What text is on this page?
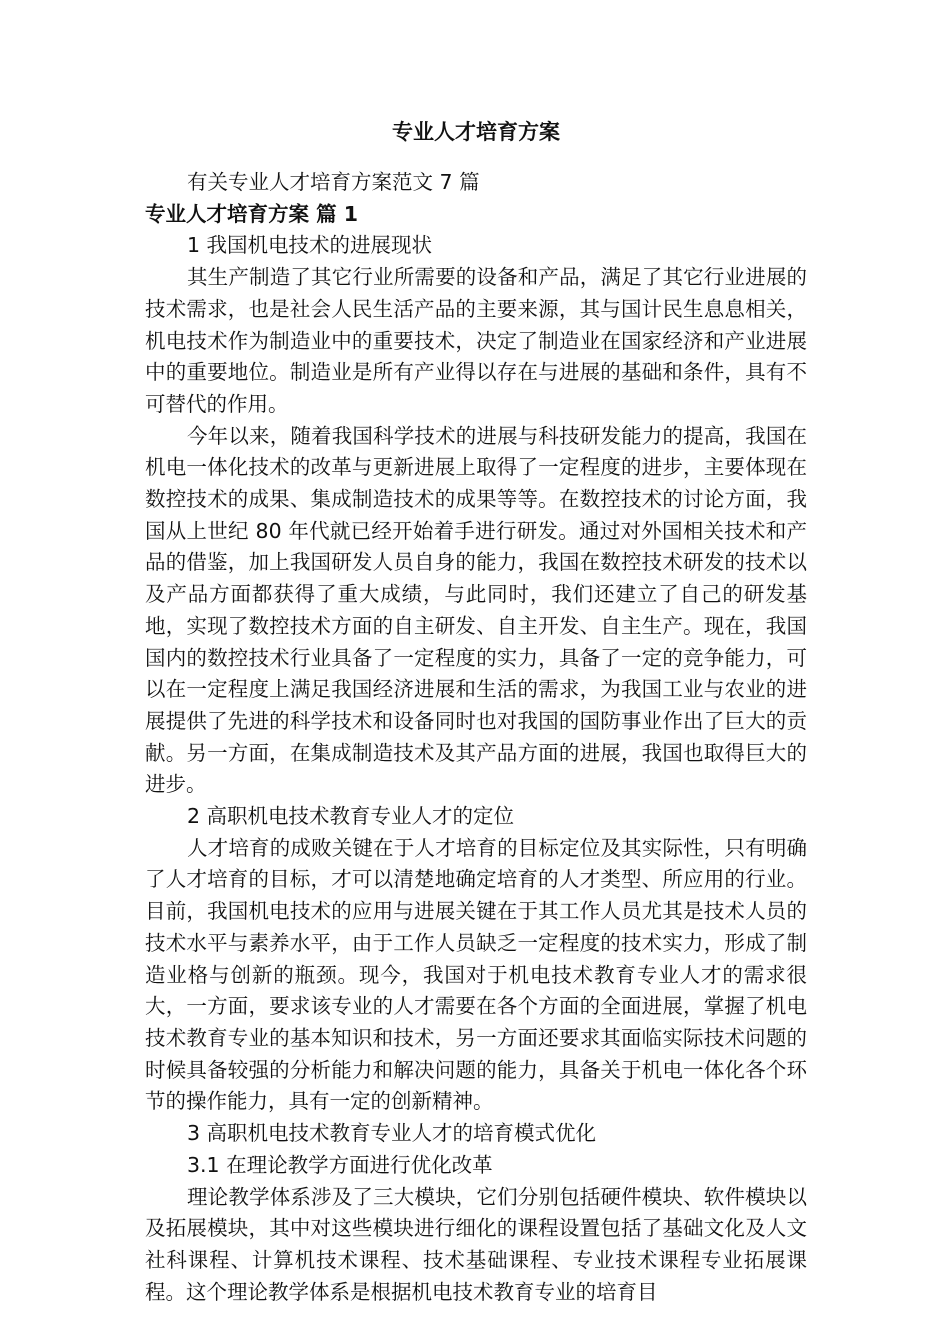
专业人才培育方案

有关专业人才培育方案范文 7 篇

专业人才培育方案 篇 1

1 我国机电技术的进展现状

其生产制造了其它行业所需要的设备和产品，满足了其它行业进展的技术需求，也是社会人民生活产品的主要来源，其与国计民生息息相关，机电技术作为制造业中的重要技术，决定了制造业在国家经济和产业进展中的重要地位。制造业是所有产业得以存在与进展的基础和条件，具有不可替代的作用。

今年以来，随着我国科学技术的进展与科技研发能力的提高，我国在机电一体化技术的改革与更新进展上取得了一定程度的进步，主要体现在数控技术的成果、集成制造技术的成果等等。在数控技术的讨论方面，我国从上世纪 80 年代就已经开始着手进行研发。通过对外国相关技术和产品的借鉴，加上我国研发人员自身的能力，我国在数控技术研发的技术以及产品方面都获得了重大成绩，与此同时，我们还建立了自己的研发基地，实现了数控技术方面的自主研发、自主开发、自主生产。现在，我国国内的数控技术行业具备了一定程度的实力，具备了一定的竞争能力，可以在一定程度上满足我国经济进展和生活的需求，为我国工业与农业的进展提供了先进的科学技术和设备同时也对我国的国防事业作出了巨大的贡献。另一方面，在集成制造技术及其产品方面的进展，我国也取得巨大的进步。

2 高职机电技术教育专业人才的定位

人才培育的成败关键在于人才培育的目标定位及其实际性，只有明确了人才培育的目标，才可以清楚地确定培育的人才类型、所应用的行业。目前，我国机电技术的应用与进展关键在于其工作人员尤其是技术人员的技术水平与素养水平，由于工作人员缺乏一定程度的技术实力，形成了制造业格与创新的瓶颈。现今，我国对于机电技术教育专业人才的需求很大，一方面，要求该专业的人才需要在各个方面的全面进展，掌握了机电技术教育专业的基本知识和技术，另一方面还要求其面临实际技术问题的时候具备较强的分析能力和解决问题的能力，具备关于机电一体化各个环节的操作能力，具有一定的创新精神。

3 高职机电技术教育专业人才的培育模式优化

3.1 在理论教学方面进行优化改革

理论教学体系涉及了三大模块，它们分别包括硬件模块、软件模块以及拓展模块，其中对这些模块进行细化的课程设置包括了基础文化及人文社科课程、计算机技术课程、技术基础课程、专业技术课程专业拓展课程。这个理论教学体系是根据机电技术教育专业的培育目
